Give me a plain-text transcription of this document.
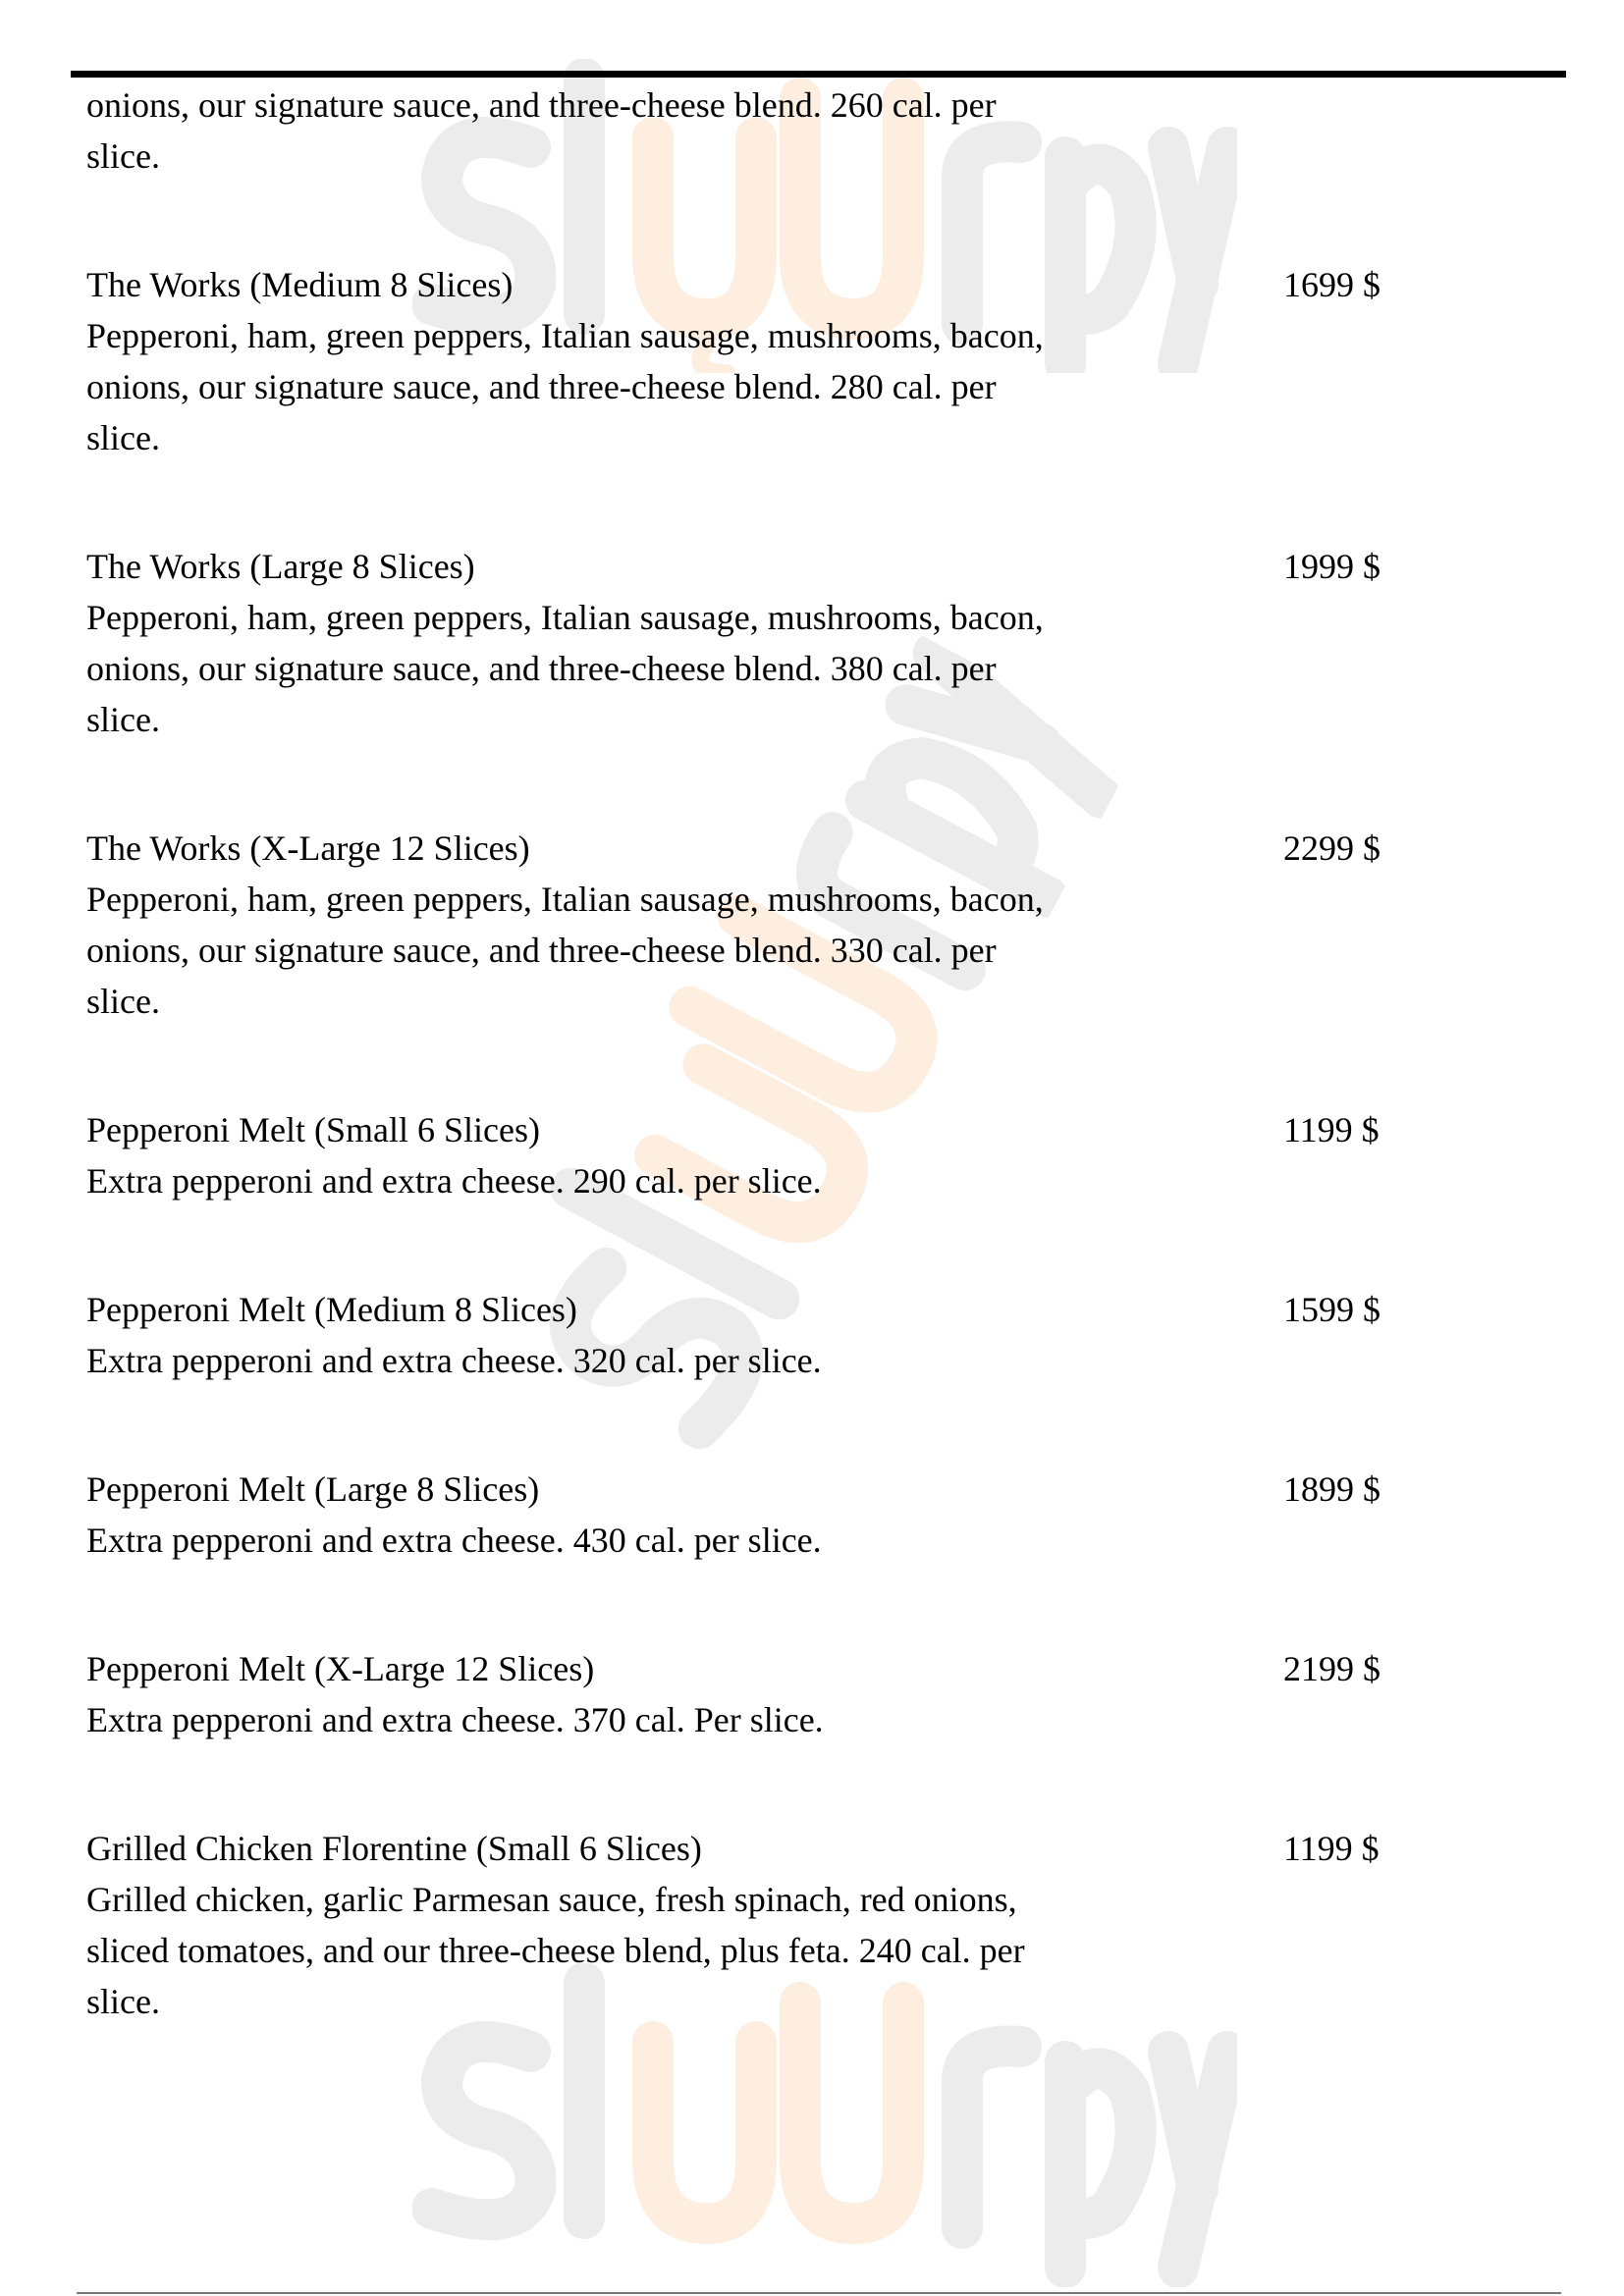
onions, our signature sauce, and three-cheese blend. 260 cal. per
slice.
The Works (Medium 8 Slices)	1699 $
Pepperoni, ham, green peppers, Italian sausage, mushrooms, bacon,
onions, our signature sauce, and three-cheese blend. 280 cal. per
slice.
The Works (Large 8 Slices)	1999 $
Pepperoni, ham, green peppers, Italian sausage, mushrooms, bacon,
onions, our signature sauce, and three-cheese blend. 380 cal. per
slice.
The Works (X-Large 12 Slices)	2299 $
Pepperoni, ham, green peppers, Italian sausage, mushrooms, bacon,
onions, our signature sauce, and three-cheese blend. 330 cal. per
slice.
Pepperoni Melt (Small 6 Slices)	1199 $
Extra pepperoni and extra cheese. 290 cal. per slice.
Pepperoni Melt (Medium 8 Slices)	1599 $
Extra pepperoni and extra cheese. 320 cal. per slice.
Pepperoni Melt (Large 8 Slices)	1899 $
Extra pepperoni and extra cheese. 430 cal. per slice.
Pepperoni Melt (X-Large 12 Slices)	2199 $
Extra pepperoni and extra cheese. 370 cal. Per slice.
Grilled Chicken Florentine (Small 6 Slices)	1199 $
Grilled chicken, garlic Parmesan sauce, fresh spinach, red onions,
sliced tomatoes, and our three-cheese blend, plus feta. 240 cal. per
slice.
